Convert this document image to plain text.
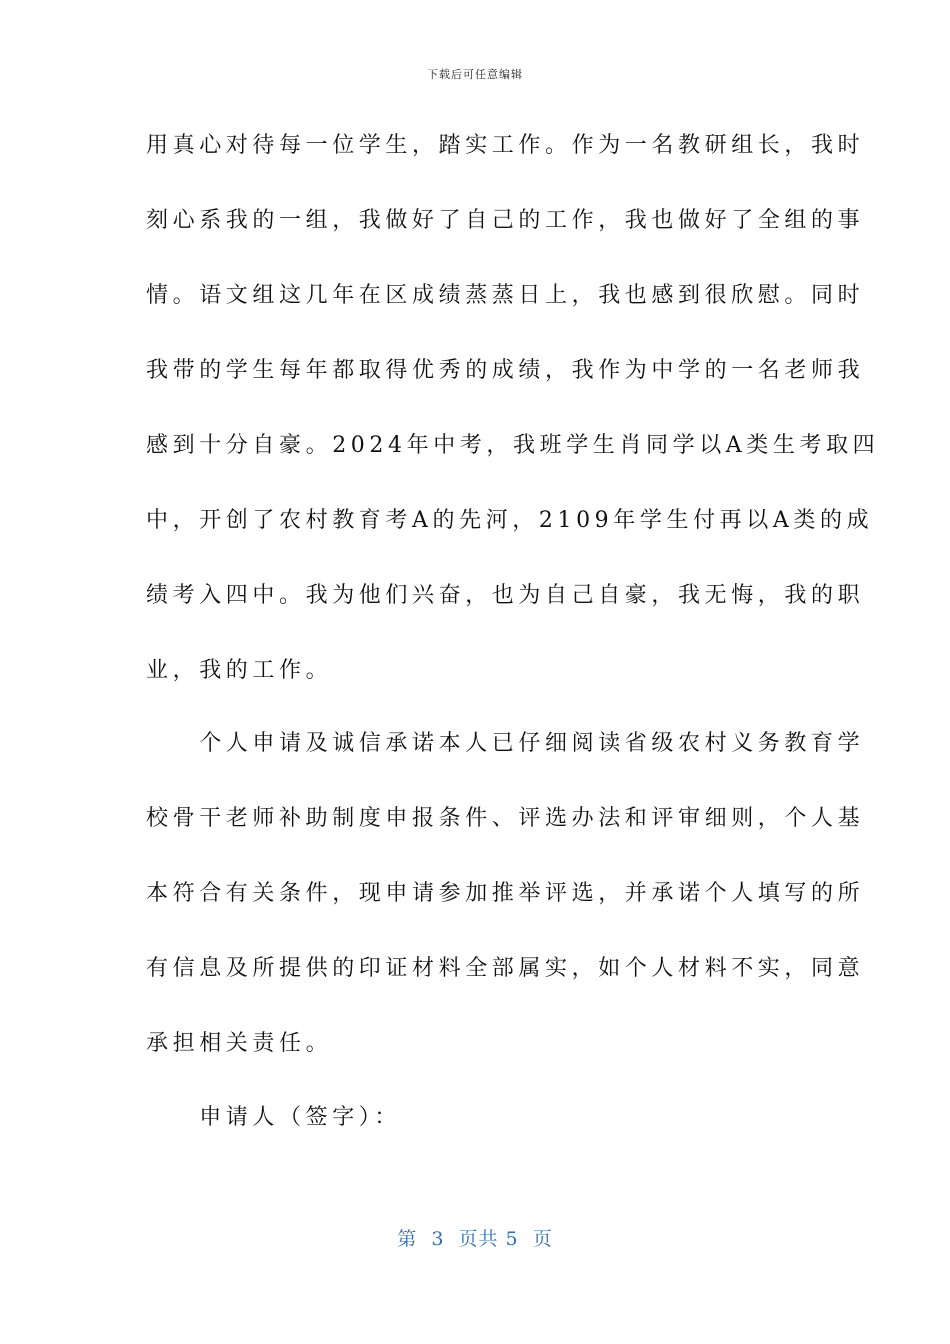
下载后可任意编辑
用真心对待每一位学生，踏实工作。作为一名教研组长，我时
刻心系我的一组，我做好了自己的工作，我也做好了全组的事
情。语文组这几年在区成绩蒸蒸日上，我也感到很欣慰。同时
我带的学生每年都取得优秀的成绩，我作为中学的一名老师我
感到十分自豪。2024年中考，我班学生肖同学以A类生考取四
中，开创了农村教育考A的先河，2109年学生付再以A类的成
绩考入四中。我为他们兴奋，也为自己自豪，我无悔，我的职
业，我的工作。
　　个人申请及诚信承诺本人已仔细阅读省级农村义务教育学
校骨干老师补助制度申报条件、评选办法和评审细则，个人基
本符合有关条件，现申请参加推举评选，并承诺个人填写的所
有信息及所提供的印证材料全部属实，如个人材料不实，同意
承担相关责任。
　　申请人（签字）：
第  3  页共 5  页
